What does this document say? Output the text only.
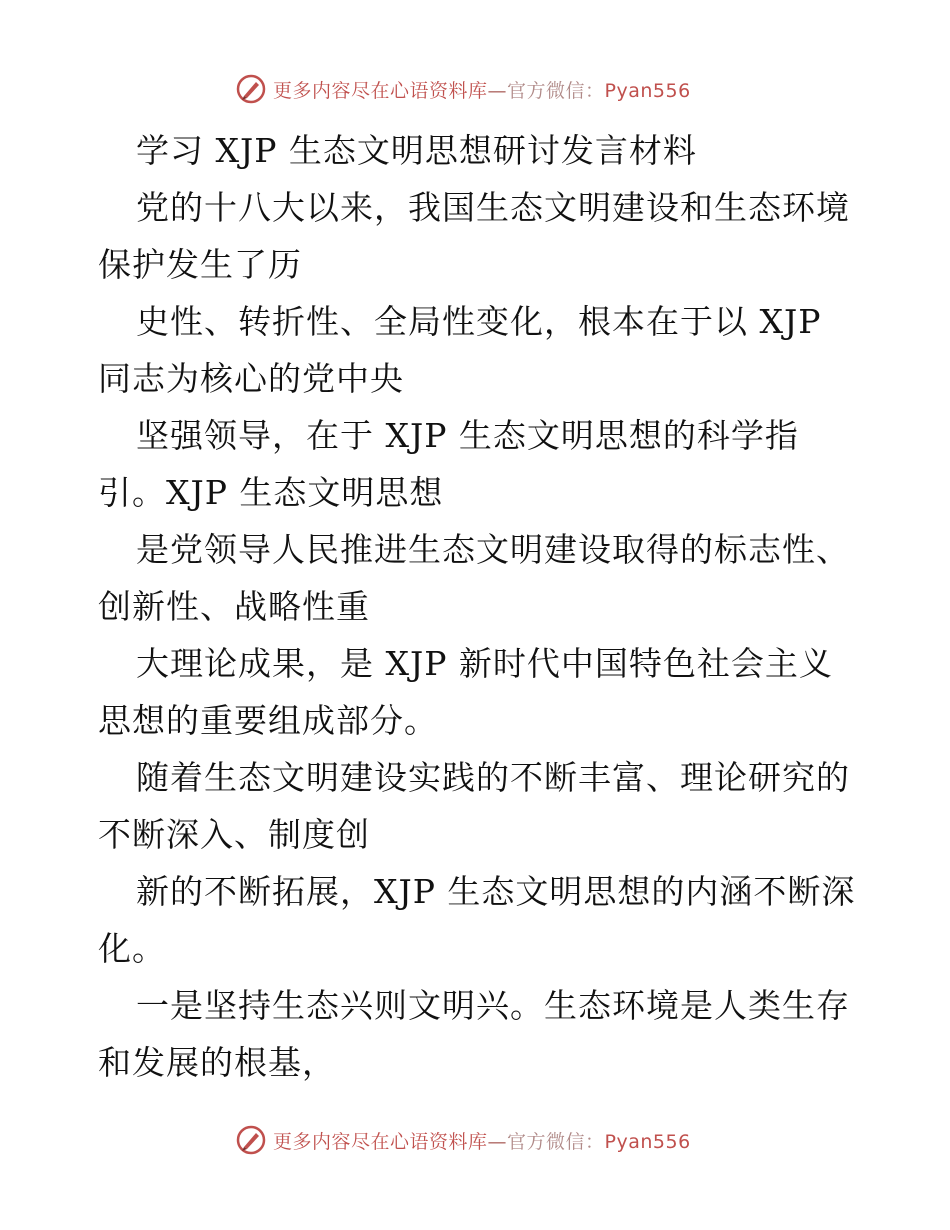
更多内容尽在心语资料库—官方微信：Pyan556
学习 XJP 生态文明思想研讨发言材料
党的十八大以来，我国生态文明建设和生态环境
保护发生了历
史性、转折性、全局性变化，根本在于以 XJP
同志为核心的党中央
坚强领导，在于 XJP 生态文明思想的科学指
引。XJP 生态文明思想
是党领导人民推进生态文明建设取得的标志性、
创新性、战略性重
大理论成果，是 XJP 新时代中国特色社会主义
思想的重要组成部分。
随着生态文明建设实践的不断丰富、理论研究的
不断深入、制度创
新的不断拓展，XJP 生态文明思想的内涵不断深
化。
一是坚持生态兴则文明兴。生态环境是人类生存
和发展的根基，
更多内容尽在心语资料库—官方微信：Pyan556
